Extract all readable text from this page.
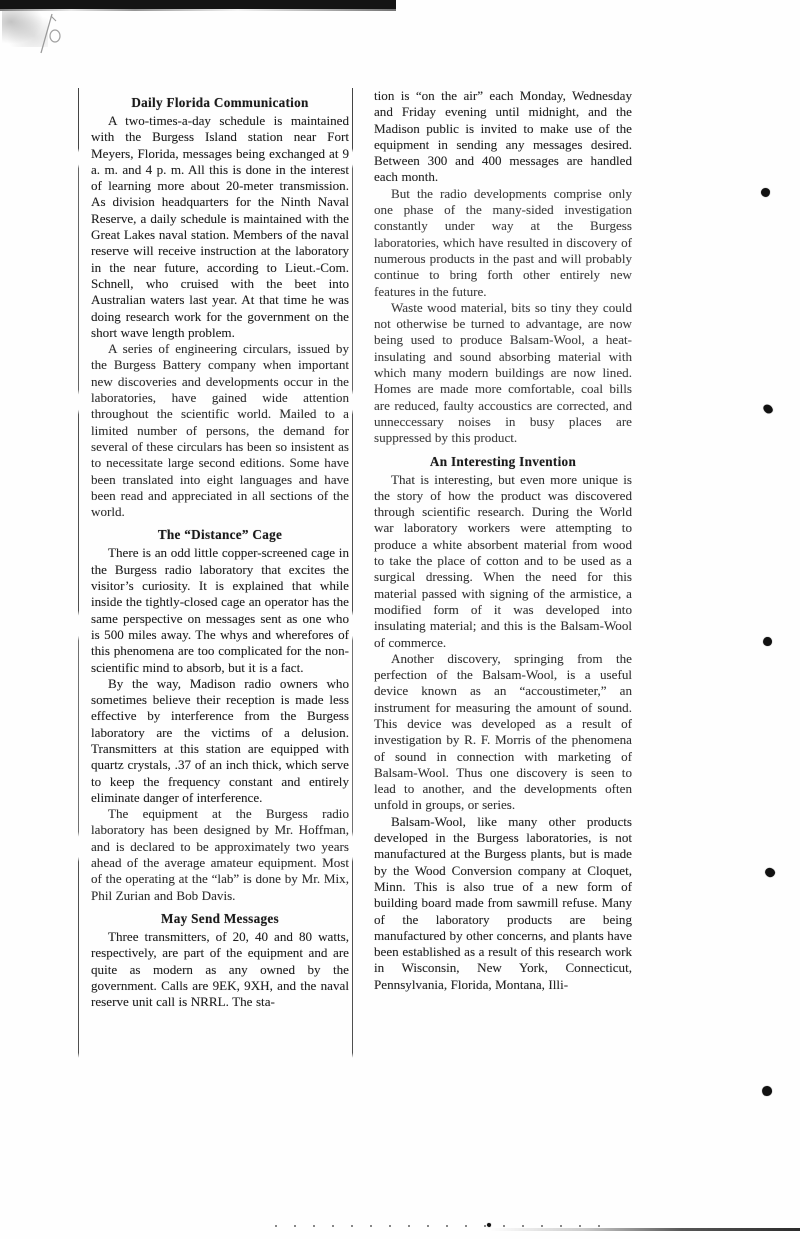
Daily Florida Communication

A two-times-a-day schedule is maintained with the Burgess Island station near Fort Meyers, Florida, messages being exchanged at 9 a. m. and 4 p. m. All this is done in the interest of learning more about 20-meter transmission. As division headquarters for the Ninth Naval Reserve, a daily schedule is maintained with the Great Lakes naval station. Members of the naval reserve will receive instruction at the laboratory in the near future, according to Lieut.-Com. Schnell, who cruised with the beet into Australian waters last year. At that time he was doing research work for the government on the short wave length problem.

A series of engineering circulars, issued by the Burgess Battery company when important new discoveries and developments occur in the laboratories, have gained wide attention throughout the scientific world. Mailed to a limited number of persons, the demand for several of these circulars has been so insistent as to necessitate large second editions. Some have been translated into eight languages and have been read and appreciated in all sections of the world.

The “Distance” Cage

There is an odd little copper-screened cage in the Burgess radio laboratory that excites the visitor’s curiosity. It is explained that while inside the tightly-closed cage an operator has the same perspective on messages sent as one who is 500 miles away. The whys and wherefores of this phenomena are too complicated for the non-scientific mind to absorb, but it is a fact.

By the way, Madison radio owners who sometimes believe their reception is made less effective by interference from the Burgess laboratory are the victims of a delusion. Transmitters at this station are equipped with quartz crystals, .37 of an inch thick, which serve to keep the frequency constant and entirely eliminate danger of interference.

The equipment at the Burgess radio laboratory has been designed by Mr. Hoffman, and is declared to be approximately two years ahead of the average amateur equipment. Most of the operating at the “lab” is done by Mr. Mix, Phil Zurian and Bob Davis.

May Send Messages

Three transmitters, of 20, 40 and 80 watts, respectively, are part of the equipment and are quite as modern as any owned by the government. Calls are 9EK, 9XH, and the naval reserve unit call is NRRL. The sta-

tion is “on the air” each Monday, Wednesday and Friday evening until midnight, and the Madison public is invited to make use of the equipment in sending any messages desired. Between 300 and 400 messages are handled each month.

But the radio developments comprise only one phase of the many-sided investigation constantly under way at the Burgess laboratories, which have resulted in discovery of numerous products in the past and will probably continue to bring forth other entirely new features in the future.

Waste wood material, bits so tiny they could not otherwise be turned to advantage, are now being used to produce Balsam-Wool, a heat-insulating and sound absorbing material with which many modern buildings are now lined. Homes are made more comfortable, coal bills are reduced, faulty accoustics are corrected, and unneccessary noises in busy places are suppressed by this product.

An Interesting Invention

That is interesting, but even more unique is the story of how the product was discovered through scientific research. During the World war laboratory workers were attempting to produce a white absorbent material from wood to take the place of cotton and to be used as a surgical dressing. When the need for this material passed with signing of the armistice, a modified form of it was developed into insulating material; and this is the Balsam-Wool of commerce.

Another discovery, springing from the perfection of the Balsam-Wool, is a useful device known as an “accoustimeter,” an instrument for measuring the amount of sound. This device was developed as a result of investigation by R. F. Morris of the phenomena of sound in connection with marketing of Balsam-Wool. Thus one discovery is seen to lead to another, and the developments often unfold in groups, or series.

Balsam-Wool, like many other products developed in the Burgess laboratories, is not manufactured at the Burgess plants, but is made by the Wood Conversion company at Cloquet, Minn. This is also true of a new form of building board made from sawmill refuse. Many of the laboratory products are being manufactured by other concerns, and plants have been established as a result of this research work in Wisconsin, New York, Connecticut, Pennsylvania, Florida, Montana, Illi-
